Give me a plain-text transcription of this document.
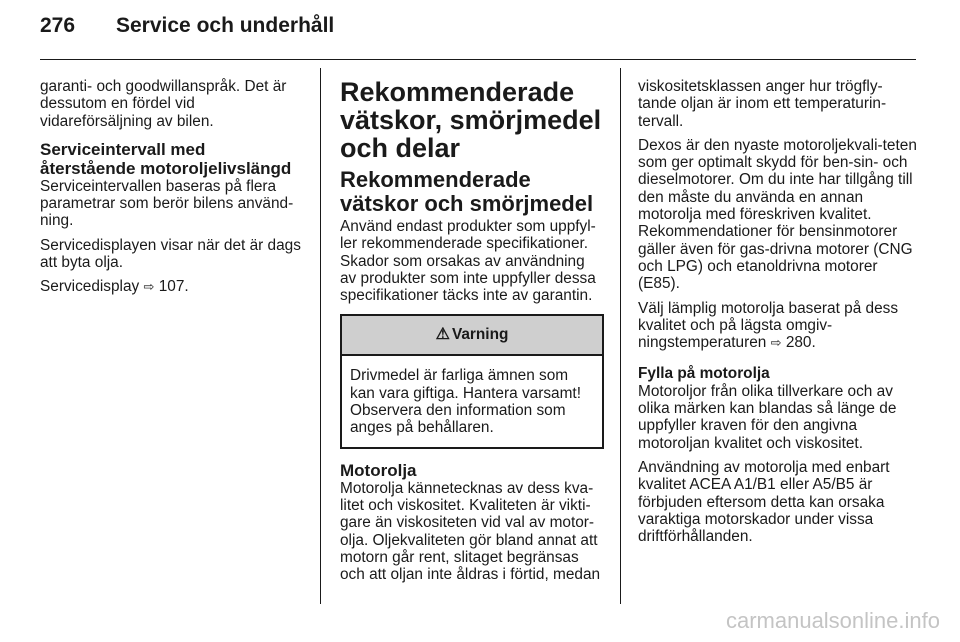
276 Service och underhåll

garanti- och goodwillanspråk. Det är dessutom en fördel vid vidareförsäljning av bilen.

Serviceintervall med återstående motoroljelivslängd

Serviceintervallen baseras på flera parametrar som berör bilens använd-ning.

Servicedisplayen visar när det är dags att byta olja.

Servicedisplay ⇨ 107.

Rekommenderade vätskor, smörjmedel och delar
Rekommenderade vätskor och smörjmedel

Använd endast produkter som uppfyl-ler rekommenderade specifikationer. Skador som orsakas av användning av produkter som inte uppfyller dessa specifikationer täcks inte av garantin.

⚠ Varning
Drivmedel är farliga ämnen som kan vara giftiga. Hantera varsamt! Observera den information som anges på behållaren.
Motorolja

Motorolja kännetecknas av dess kva-litet och viskositet. Kvaliteten är vikti-gare än viskositeten vid val av motor-olja. Oljekvaliteten gör bland annat att motorn går rent, slitaget begränsas och att oljan inte åldras i förtid, medan

viskositetsklassen anger hur trögfly-tande oljan är inom ett temperaturin-tervall.

Dexos är den nyaste motoroljekvali-teten som ger optimalt skydd för ben-sin- och dieselmotorer. Om du inte har tillgång till den måste du använda en annan motorolja med föreskriven kvalitet. Rekommendationer för bensinmotorer gäller även för gas-drivna motorer (CNG och LPG) och etanoldrivna motorer (E85).

Välj lämplig motorolja baserat på dess kvalitet och på lägsta omgiv-ningstemperaturen ⇨ 280.

Fylla på motorolja

Motoroljor från olika tillverkare och av olika märken kan blandas så länge de uppfyller kraven för den angivna motoroljan kvalitet och viskositet.

Användning av motorolja med enbart kvalitet ACEA A1/B1 eller A5/B5 är förbjuden eftersom detta kan orsaka varaktiga motorskador under vissa driftförhållanden.

carmanualsonline.info
